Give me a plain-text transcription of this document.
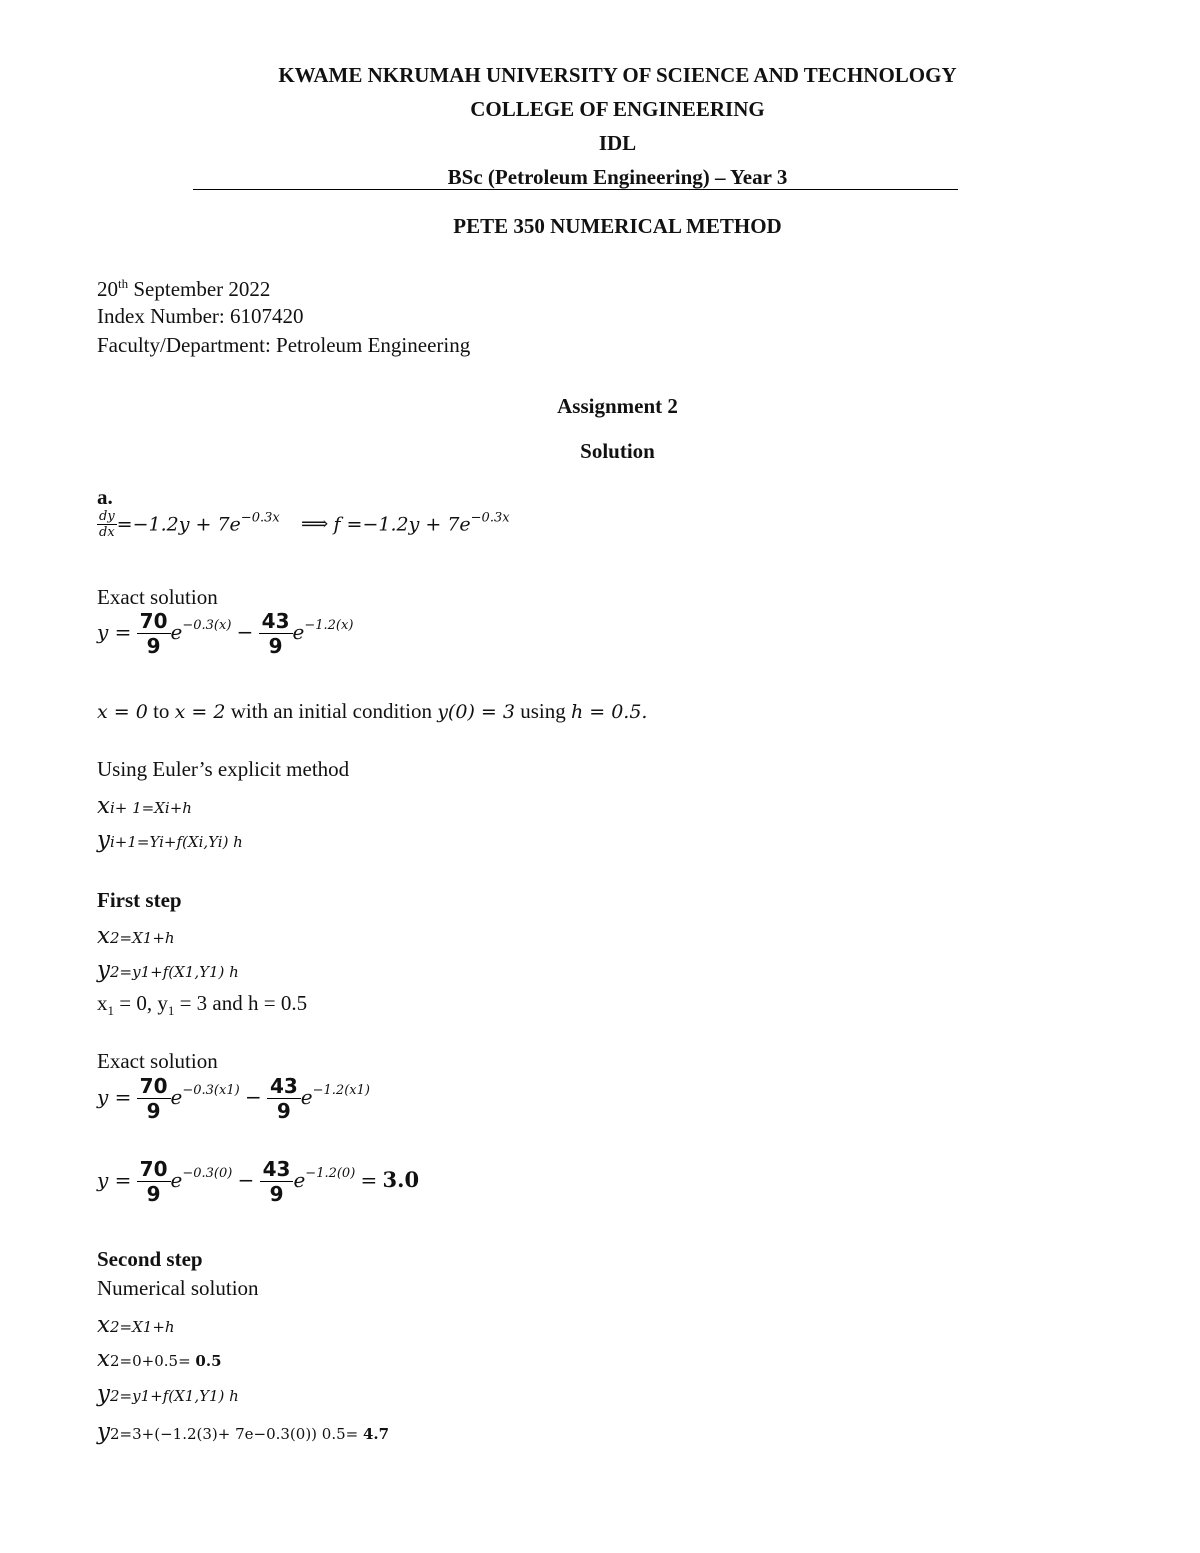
KWAME NKRUMAH UNIVERSITY OF SCIENCE AND TECHNOLOGY
COLLEGE OF ENGINEERING
IDL
BSc (Petroleum Engineering) – Year 3
PETE 350 NUMERICAL METHOD
20th September 2022
Index Number: 6107420
Faculty/Department: Petroleum Engineering
Assignment 2
Solution
a.
$\frac{dy}{dx} =-1.2y + 7e^{-0.3x}$ ⟹ $f =-1.2y + 7e^{-0.3x}$
Exact solution
$y = \frac{70}{9} e^{-0.3(x)} - \frac{43}{9} e^{-1.2(x)}$
x = 0 to x = 2 with an initial condition y(0) = 3 using h = 0.5.
Using Euler’s explicit method
xi+ 1=Xi+h
yi+1=Yi+f(Xi,Yi) h
First step
x2=X1+h
y2=y1+f(X1,Y1) h
$x_1 = 0$, $y_1 = 3$ and h = 0.5
Exact solution
$y = \frac{70}{9} e^{-0.3(x1)} - \frac{43}{9} e^{-1.2(x1)}$
$y = \frac{70}{9} e^{-0.3(0)} - \frac{43}{9} e^{-1.2(0)} = 3.0$
Second step
Numerical solution
x2=X1+h
x2=0+0.5= 0.5
y2=y1+f(X1,Y1) h
y2=3+(−1.2(3)+ 7e−0.3(0)) 0.5= 4.7
